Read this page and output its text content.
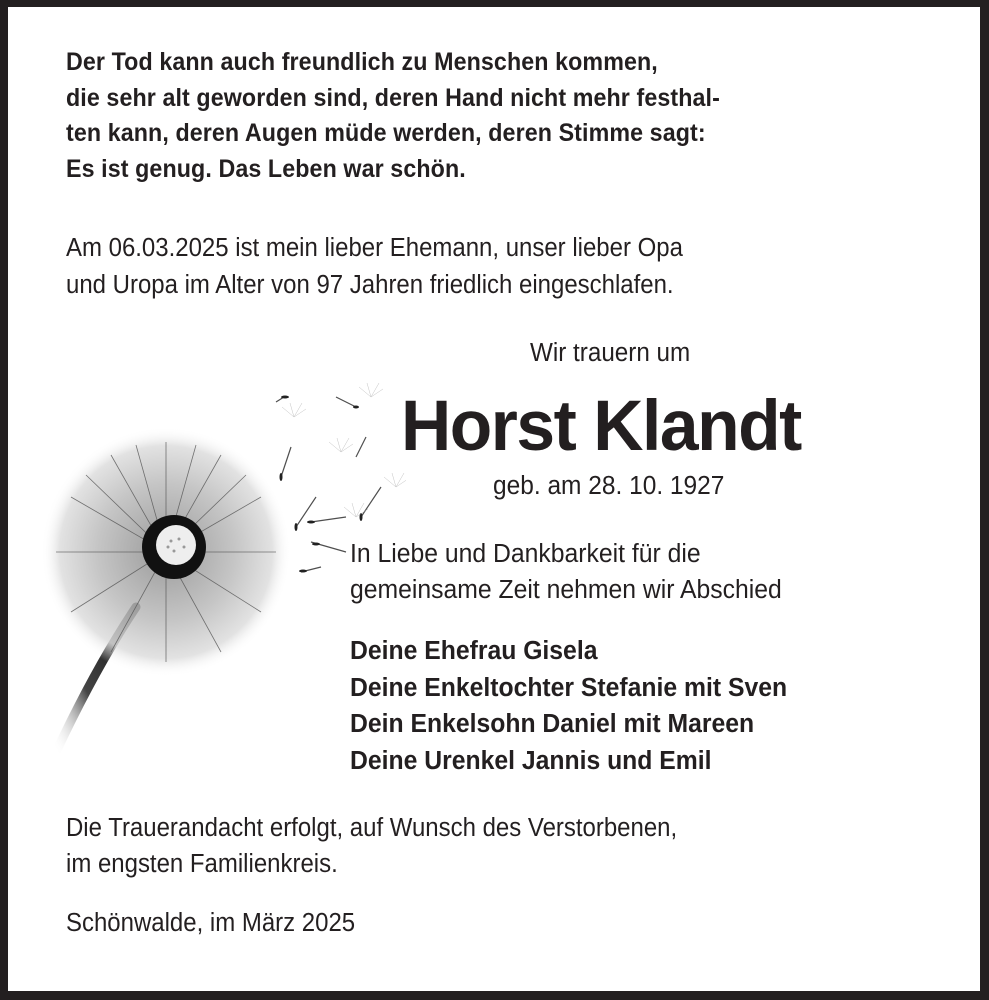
Der Tod kann auch freundlich zu Menschen kommen,
die sehr alt geworden sind, deren Hand nicht mehr festhal-
ten kann, deren Augen müde werden, deren Stimme sagt:
Es ist genug. Das Leben war schön.
Am 06.03.2025 ist mein lieber Ehemann, unser lieber Opa
und Uropa im Alter von 97 Jahren friedlich eingeschlafen.
Wir trauern um
Horst Klandt
geb. am 28. 10. 1927
In Liebe und Dankbarkeit für die
gemeinsame Zeit nehmen wir Abschied
Deine Ehefrau Gisela
Deine Enkeltochter Stefanie mit Sven
Dein Enkelsohn Daniel mit Mareen
Deine Urenkel Jannis und Emil
Die Trauerandacht erfolgt, auf Wunsch des Verstorbenen,
im engsten Familienkreis.
Schönwalde, im März 2025
